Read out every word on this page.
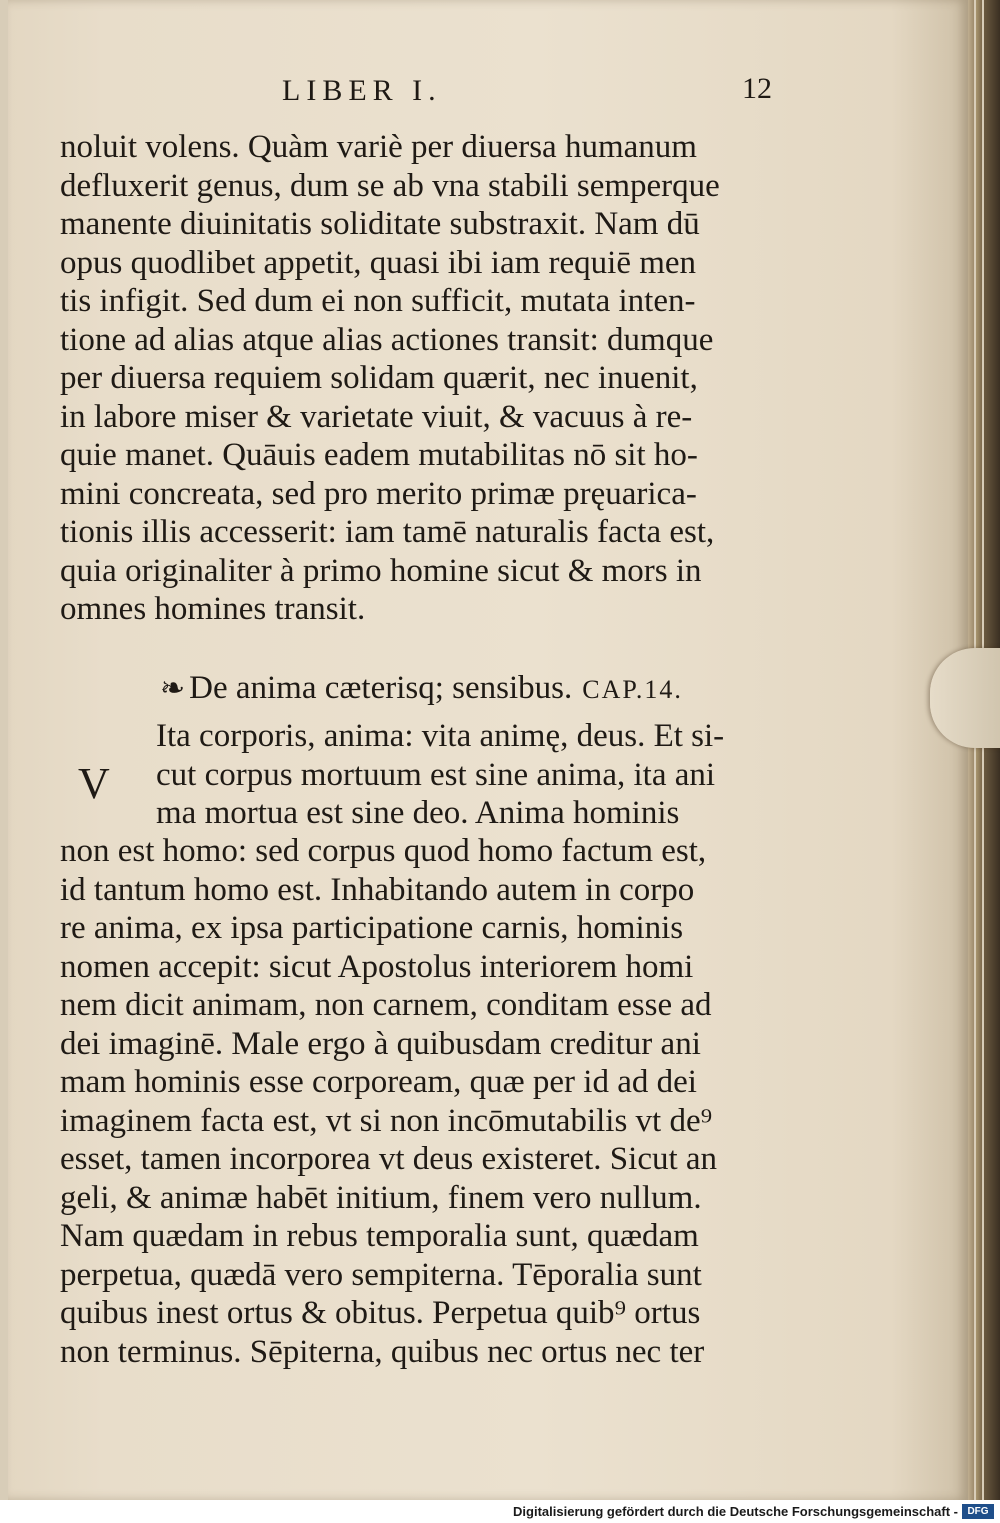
LIBER I.	12
noluit volens. Quàm variè per diuersa humanum
defluxerit genus, dum se ab vna stabili semperque
manente diuinitatis soliditate substraxit. Nam dū
opus quodlibet appetit, quasi ibi iam requiē men
tis infigit. Sed dum ei non sufficit, mutata inten-
tione ad alias atque alias actiones transit: dumque
per diuersa requiem solidam quærit, nec inuenit,
in labore miser & varietate viuit, & vacuus à re-
quie manet. Quāuis eadem mutabilitas nō sit ho-
mini concreata, sed pro merito primæ pręuarica-
tionis illis accesserit: iam tamē naturalis facta est,
quia originaliter à primo homine sicut & mors in
omnes homines transit.
❧ De anima cæterisq; sensibus. CAP.14.
V
Ita corporis, anima: vita animę, deus. Et si-
cut corpus mortuum est sine anima, ita ani
ma mortua est sine deo. Anima hominis
non est homo: sed corpus quod homo factum est,
id tantum homo est. Inhabitando autem in corpo
re anima, ex ipsa participatione carnis, hominis
nomen accepit: sicut Apostolus interiorem homi
nem dicit animam, non carnem, conditam esse ad
dei imaginē. Male ergo à quibusdam creditur ani
mam hominis esse corpoream, quæ per id ad dei
imaginem facta est, vt si non incōmutabilis vt de⁹
esset, tamen incorporea vt deus existeret. Sicut an
geli, & animæ habēt initium, finem vero nullum.
Nam quædam in rebus temporalia sunt, quædam
perpetua, quædā vero sempiterna. Tēporalia sunt
quibus inest ortus & obitus. Perpetua quib⁹ ortus
non terminus. Sēpiterna, quibus nec ortus nec ter
Digitalisierung gefördert durch die Deutsche Forschungsgemeinschaft - DFG
